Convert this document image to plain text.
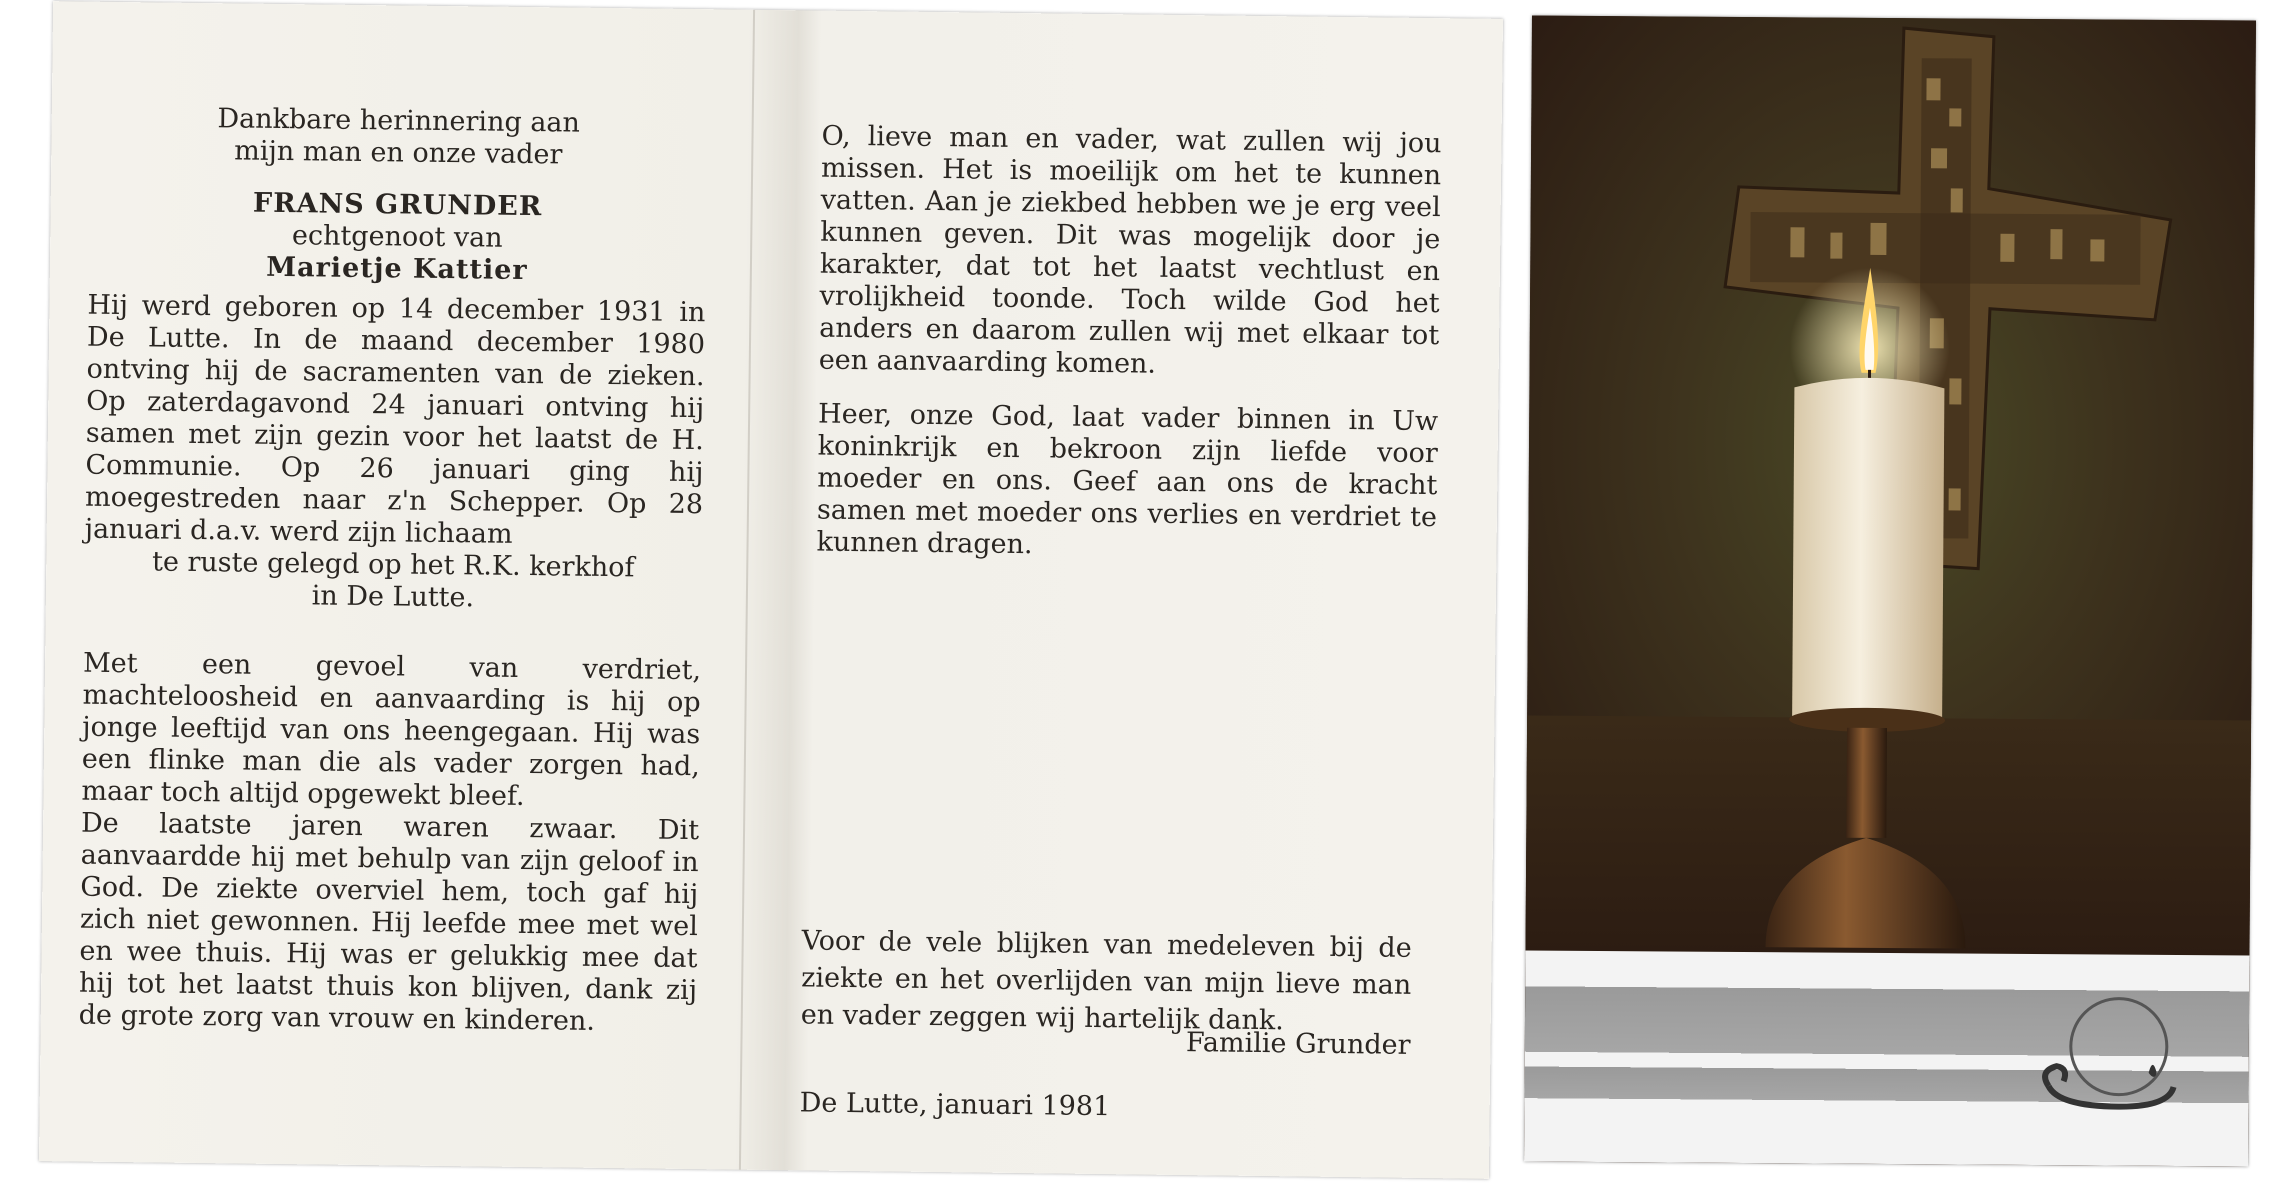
Dankbare herinnering aan

mijn man en onze vader

FRANS GRUNDER

echtgenoot van

Marietje Kattier

Hij werd geboren op 14 december 1931 in De Lutte. In de maand december 1980 ontving hij de sacramenten van de zieken. Op zaterdagavond 24 januari ontving hij samen met zijn gezin voor het laatst de H. Communie. Op 26 januari ging hij moegestreden naar z'n Schepper. Op 28 januari d.a.v. werd zijn lichaam

te ruste gelegd op het R.K. kerkhof

in De Lutte.

Met een gevoel van verdriet, machteloosheid en aanvaarding is hij op jonge leeftijd van ons heengegaan. Hij was een flinke man die als vader zorgen had, maar toch altijd opgewekt bleef.

De laatste jaren waren zwaar. Dit aanvaardde hij met behulp van zijn geloof in God. De ziekte overviel hem, toch gaf hij zich niet gewonnen. Hij leefde mee met wel en wee thuis. Hij was er gelukkig mee dat hij tot het laatst thuis kon blijven, dank zij de grote zorg van vrouw en kinderen.

O, lieve man en vader, wat zullen wij jou missen. Het is moeilijk om het te kunnen vatten. Aan je ziekbed hebben we je erg veel kunnen geven. Dit was mogelijk door je karakter, dat tot het laatst vechtlust en vrolijkheid toonde. Toch wilde God het anders en daarom zullen wij met elkaar tot een aanvaarding komen.

Heer, onze God, laat vader binnen in Uw koninkrijk en bekroon zijn liefde voor moeder en ons. Geef aan ons de kracht samen met moeder ons verlies en verdriet te kunnen dragen.

Voor de vele blijken van medeleven bij de ziekte en het overlijden van mijn lieve man en vader zeggen wij hartelijk dank.

Familie Grunder

De Lutte, januari 1981
